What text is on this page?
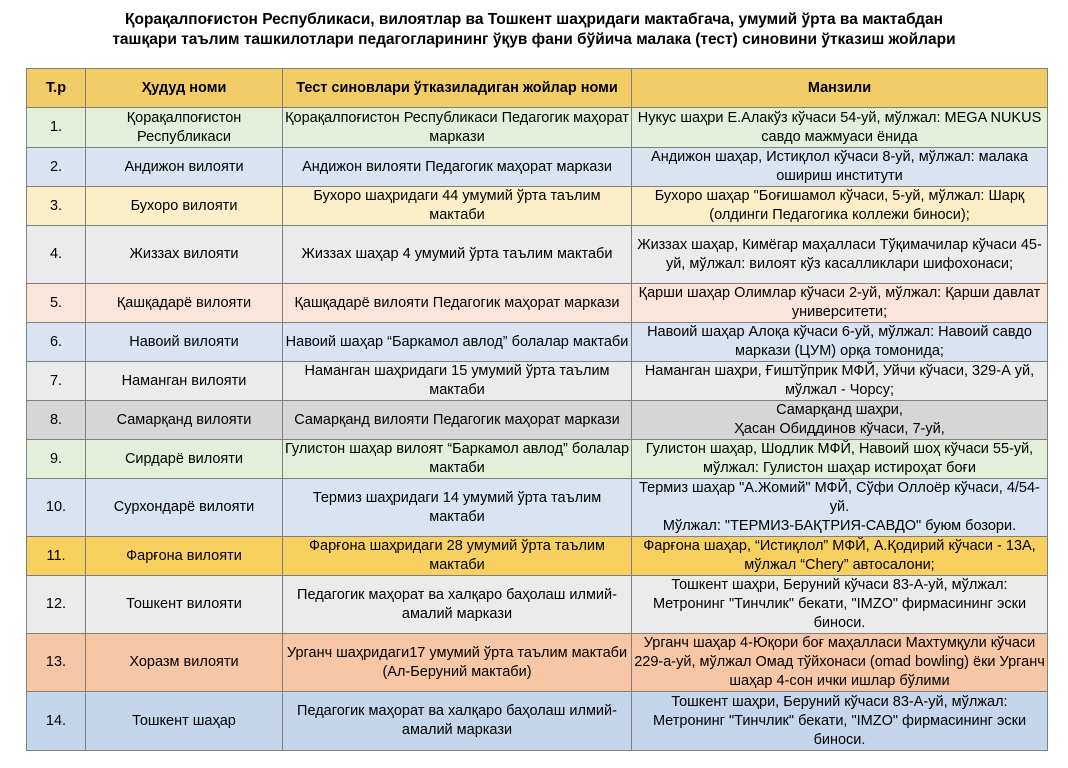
Қорақалпоғистон Республикаси, вилоятлар ва Тошкент шаҳридаги мактабгача, умумий ўрта ва мактабдан
ташқари таълим ташкилотлари педагогларининг ўқув фани бўйича малака (тест) синовини ўтказиш жойлари
Т.р	Ҳудуд номи	Тест синовлари ўтказиладиган жойлар номи	Манзили
1.	Қорақалпоғистон Республикаси	Қорақалпоғистон Республикаси Педагогик маҳорат маркази	Нукус шаҳри Е.Алакўз кўчаси 54-уй, мўлжал: MEGA NUKUS савдо мажмуаси ёнида
2.	Андижон вилояти	Андижон вилояти Педагогик маҳорат маркази	Андижон шаҳар, Истиқлол кўчаси 8-уй, мўлжал: малака ошириш институти
3.	Бухоро вилояти	Бухоро шаҳридаги 44 умумий ўрта таълим мактаби	Бухоро шаҳар "Боғишамол кўчаси, 5-уй, мўлжал: Шарқ (олдинги Педагогика коллежи биноси);
4.	Жиззах вилояти	Жиззах шаҳар 4 умумий ўрта таълим мактаби	Жиззах шаҳар, Кимёгар маҳалласи Тўқимачилар кўчаси 45-уй, мўлжал: вилоят кўз касалликлари шифохонаси;
5.	Қашқадарё вилояти	Қашқадарё вилояти Педагогик маҳорат маркази	Қарши шаҳар Олимлар кўчаси 2-уй, мўлжал: Қарши давлат университети;
6.	Навоий вилояти	Навоий шаҳар “Баркамол авлод” болалар мактаби	Навоий шаҳар Алоқа кўчаси 6-уй, мўлжал: Навоий савдо маркази (ЦУМ) орқа томонида;
7.	Наманган вилояти	Наманган шаҳридаги 15 умумий ўрта таълим мактаби	Наманган шаҳри, Ғиштўприк МФЙ, Уйчи кўчаси, 329-А уй, мўлжал - Чорсу;
8.	Самарқанд вилояти	Самарқанд вилояти Педагогик маҳорат маркази	Самарқанд шаҳри,
Ҳасан Обиддинов кўчаси, 7-уй,
9.	Сирдарё вилояти	Гулистон шаҳар вилоят “Баркамол авлод” болалар мактаби	Гулистон шаҳар, Шодлик МФЙ, Навоий шоҳ кўчаси 55-уй, мўлжал: Гулистон шаҳар истироҳат боғи
10.	Сурхондарё вилояти	Термиз шаҳридаги 14 умумий ўрта таълим мактаби	Термиз шаҳар "А.Жомий" МФЙ, Сўфи Оллоёр кўчаси, 4/54-уй.
Мўлжал: "ТЕРМИЗ-БАҚТРИЯ-САВДО" буюм бозори.
11.	Фарғона вилояти	Фарғона шаҳридаги 28 умумий ўрта таълим мактаби	Фарғона шаҳар, “Истиқлол” МФЙ, А.Қодирий кўчаси - 13А, мўлжал “Chery” автосалони;
12.	Тошкент вилояти	Педагогик маҳорат ва халқаро баҳолаш илмий-амалий маркази	Тошкент шаҳри, Беруний кўчаси 83-А-уй, мўлжал: Метронинг "Тинчлик" бекати, "IMZO" фирмасининг эски биноси.
13.	Хоразм вилояти	Урганч шаҳридаги17 умумий ўрта таълим мактаби (Ал-Беруний мактаби)	Урганч шаҳар 4-Юқори боғ маҳалласи Махтумқули кўчаси 229-а-уй, мўлжал Омад тўйхонаси (omad bowling) ёки Урганч шаҳар 4-сон ички ишлар бўлими
14.	Тошкент шаҳар	Педагогик маҳорат ва халқаро баҳолаш илмий-амалий маркази	Тошкент шаҳри, Беруний кўчаси 83-А-уй, мўлжал: Метронинг "Тинчлик" бекати, "IMZO" фирмасининг эски биноси.
